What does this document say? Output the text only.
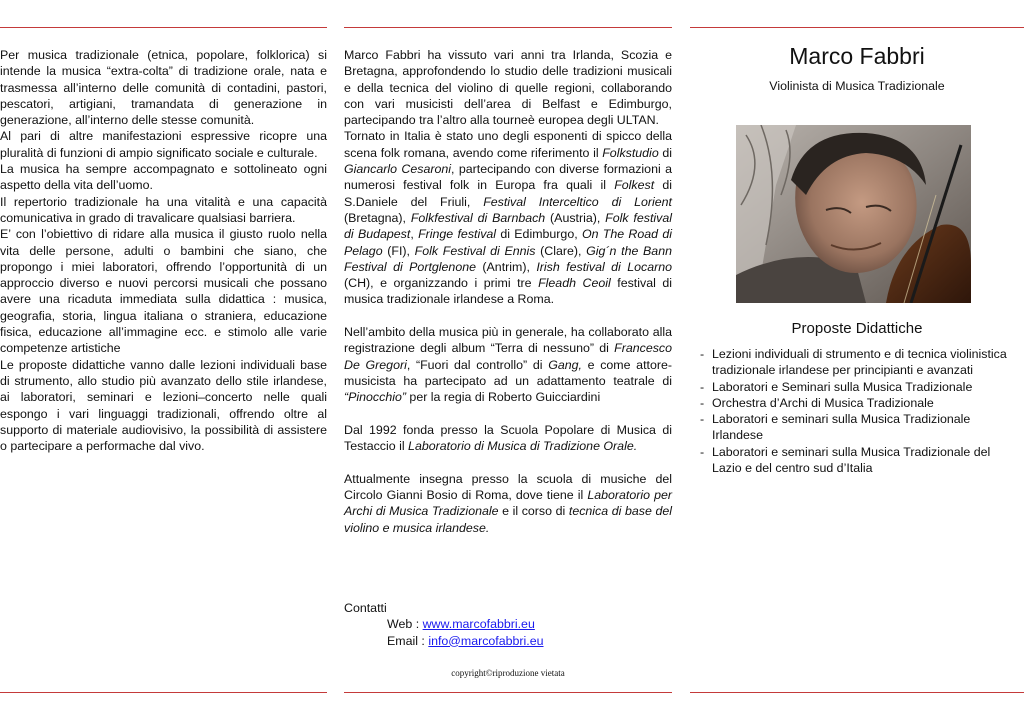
Per musica tradizionale (etnica, popolare, folklorica) si intende la musica “extra-colta” di tradizione orale, nata e trasmessa all’interno delle comunità di contadini, pastori, pescatori, artigiani, tramandata di generazione in generazione, all’interno delle stesse comunità.

Al pari di altre manifestazioni espressive ricopre una pluralità di funzioni di ampio significato sociale e culturale.

La musica ha sempre accompagnato e sottolineato ogni aspetto della vita dell’uomo.

Il repertorio tradizionale ha una vitalità e una capacità comunicativa in grado di travalicare qualsiasi barriera.

E’ con l’obiettivo di ridare alla musica il giusto ruolo nella vita delle persone, adulti o bambini che siano, che propongo i miei laboratori, offrendo l’opportunità di un approccio diverso e nuovi percorsi musicali che possano avere una ricaduta immediata sulla didattica : musica, geografia, storia, lingua italiana o straniera, educazione fisica, educazione all’immagine ecc. e stimolo alle varie competenze artistiche

Le proposte didattiche vanno dalle lezioni individuali base di strumento, allo studio più avanzato dello stile irlandese, ai laboratori, seminari e lezioni–concerto nelle quali espongo i vari linguaggi tradizionali, offrendo oltre al supporto di materiale audiovisivo, la possibilità di assistere o partecipare a performache dal vivo.

Marco Fabbri ha vissuto vari anni tra Irlanda, Scozia e Bretagna, approfondendo lo studio delle tradizioni musicali e della tecnica del violino di quelle regioni, collaborando con vari musicisti dell’area di Belfast e Edimburgo, partecipando tra l’altro alla tourneè europea degli ULTAN.

Tornato in Italia è stato uno degli esponenti di spicco della scena folk romana, avendo come riferimento il Folkstudio di Giancarlo Cesaroni, partecipando con diverse formazioni a numerosi festival folk in Europa fra quali il Folkest di S.Daniele del Friuli, Festival Interceltico di Lorient (Bretagna), Folkfestival di Barnbach (Austria), Folk festival di Budapest, Fringe festival di Edimburgo, On The Road di Pelago (FI), Folk Festival di Ennis (Clare), Gig´n the Bann Festival di Portglenone (Antrim), Irish festival di Locarno (CH), e organizzando i primi tre Fleadh Ceoil festival di musica tradizionale irlandese a Roma.

Nell’ambito della musica più in generale, ha collaborato alla registrazione degli album “Terra di nessuno” di Francesco De Gregori, “Fuori dal controllo” di Gang, e come attore-musicista ha partecipato ad un adattamento teatrale di “Pinocchio” per la regia di Roberto Guicciardini

Dal 1992 fonda presso la Scuola Popolare di Musica di Testaccio il Laboratorio di Musica di Tradizione Orale.

Attualmente insegna presso la scuola di musiche del Circolo Gianni Bosio di Roma, dove tiene il Laboratorio per Archi di Musica Tradizionale e il corso di tecnica di base del violino e musica irlandese.

Contatti

Web : www.marcofabbri.eu

Email : info@marcofabbri.eu

copyright©riproduzione vietata
Marco Fabbri
Violinista di Musica Tradizionale
Proposte Didattiche
- Lezioni individuali di strumento e di tecnica violinistica tradizionale irlandese per principianti e avanzati
- Laboratori e Seminari sulla Musica Tradizionale
- Orchestra d’Archi di Musica Tradizionale
- Laboratori e seminari sulla Musica Tradizionale Irlandese
- Laboratori e seminari sulla Musica Tradizionale del Lazio e del centro sud d’Italia
